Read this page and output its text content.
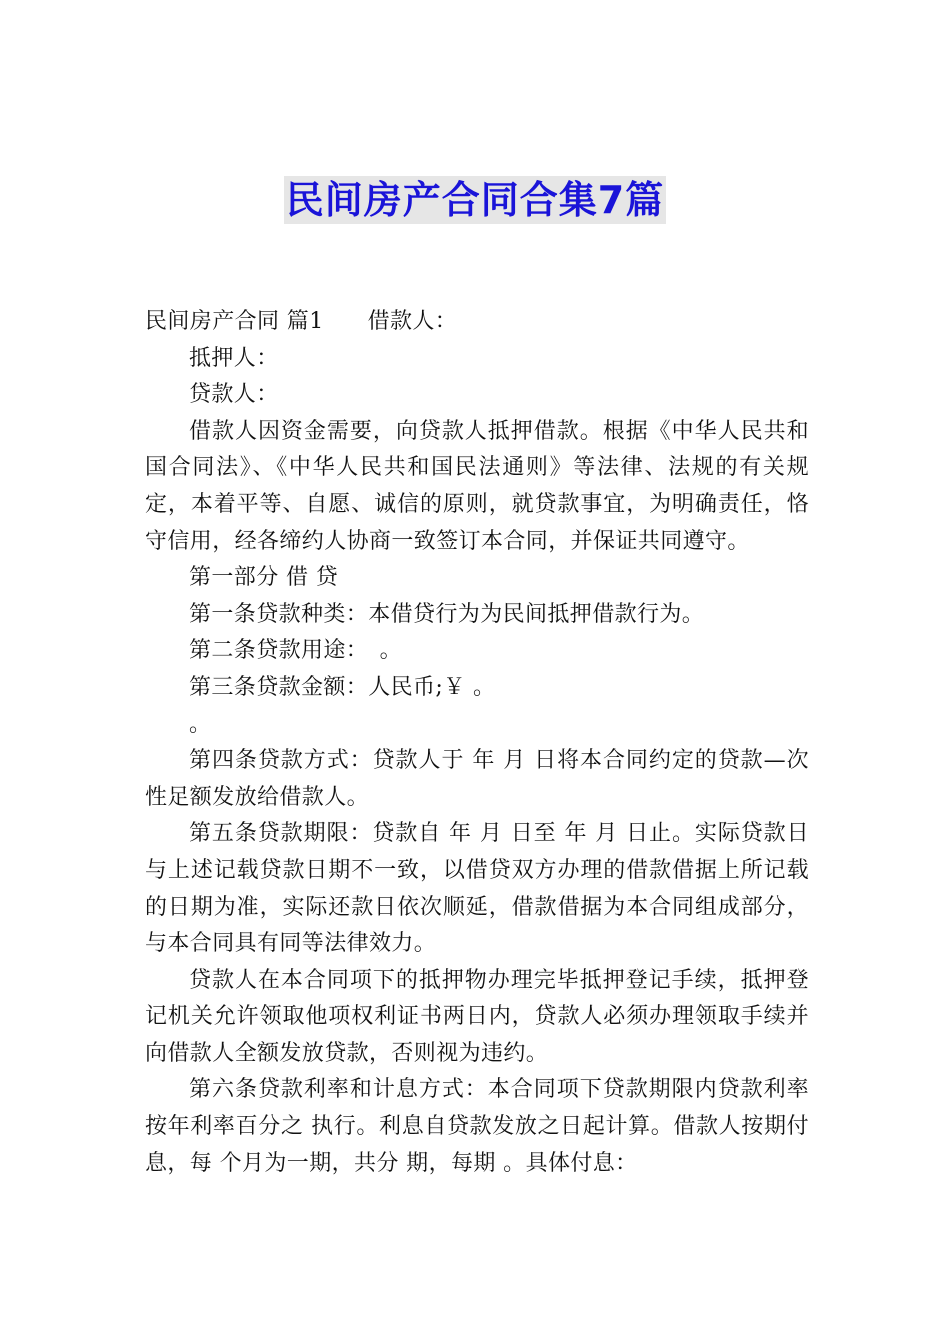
民间房产合同合集7篇

民间房产合同 篇1 借款人：

抵押人：

贷款人：

借款人因资金需要，向贷款人抵押借款。根据《中华人民共和国合同法》、《中华人民共和国民法通则》等法律、法规的有关规定，本着平等、自愿、诚信的原则，就贷款事宜，为明确责任，恪守信用，经各缔约人协商一致签订本合同，并保证共同遵守。

第一部分 借 贷

第一条贷款种类：本借贷行为为民间抵押借款行为。

第二条贷款用途：　。

第三条贷款金额：人民币;￥ 。

。

第四条贷款方式：贷款人于 年 月 日将本合同约定的贷款—次性足额发放给借款人。

第五条贷款期限：贷款自 年 月 日至 年 月 日止。实际贷款日与上述记载贷款日期不一致，以借贷双方办理的借款借据上所记载的日期为准，实际还款日依次顺延，借款借据为本合同组成部分，与本合同具有同等法律效力。

贷款人在本合同项下的抵押物办理完毕抵押登记手续，抵押登记机关允许领取他项权利证书两日内，贷款人必须办理领取手续并向借款人全额发放贷款，否则视为违约。

第六条贷款利率和计息方式：本合同项下贷款期限内贷款利率按年利率百分之 执行。利息自贷款发放之日起计算。借款人按期付息，每 个月为一期，共分 期，每期 。具体付息：
